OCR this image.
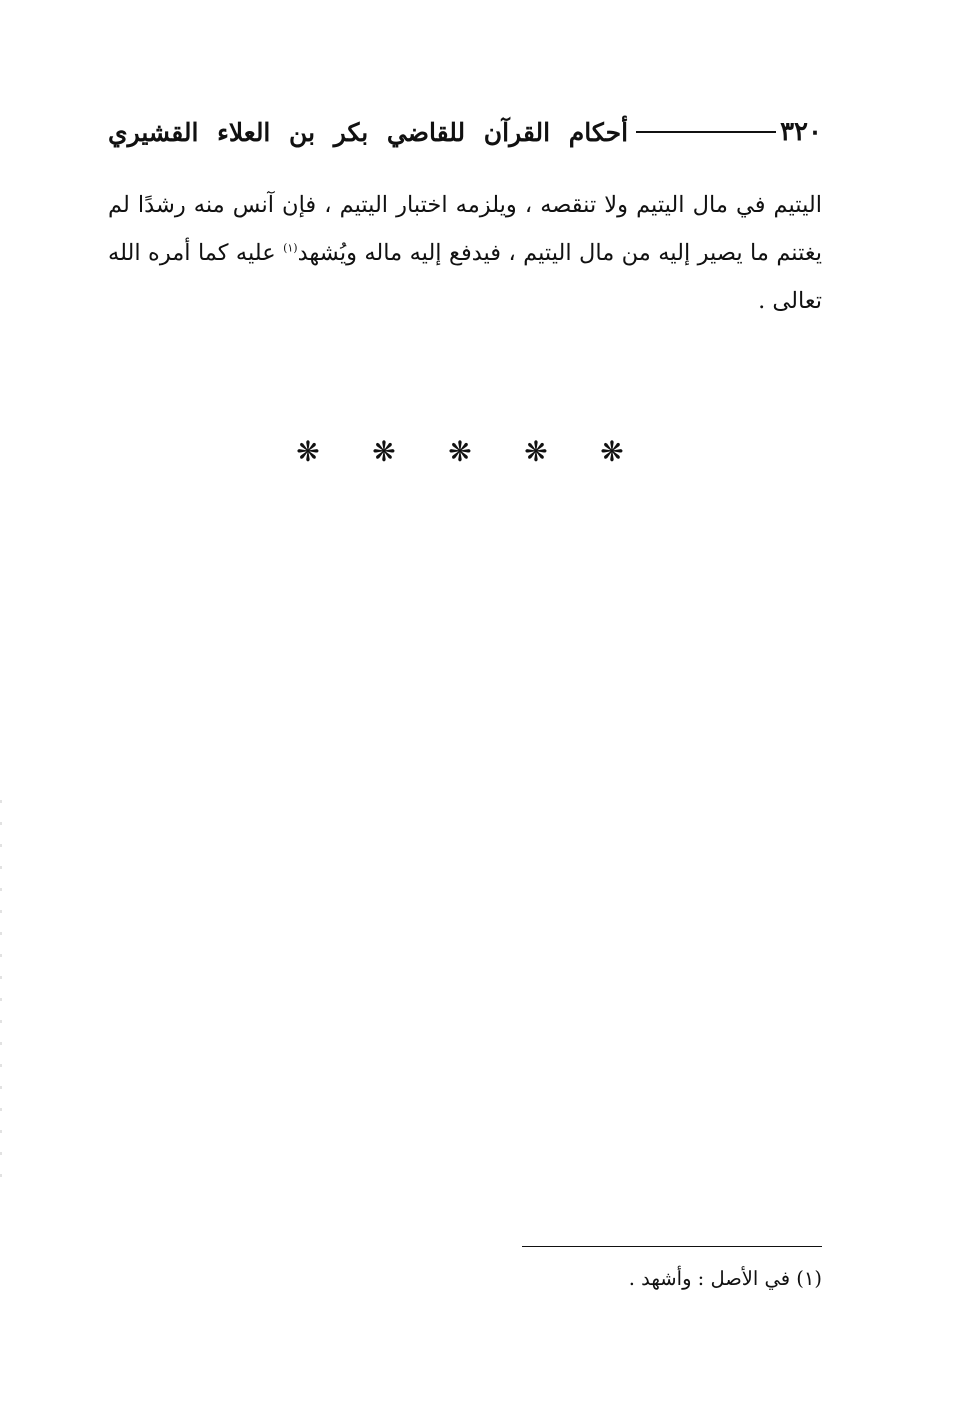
٣٢٠
أحكام القرآن للقاضي بكر بن العلاء القشيري
اليتيم في مال اليتيم ولا تنقصه ، ويلزمه اختبار اليتيم ، فإن آنس منه رشدًا لم
يغتنم ما يصير إليه من مال اليتيم ، فيدفع إليه ماله ويُشهد$^{(١)}$ عليه كما أمره الله
تعالى .
❋
❋
❋
❋
❋

(١) في الأصل : وأشهد .
